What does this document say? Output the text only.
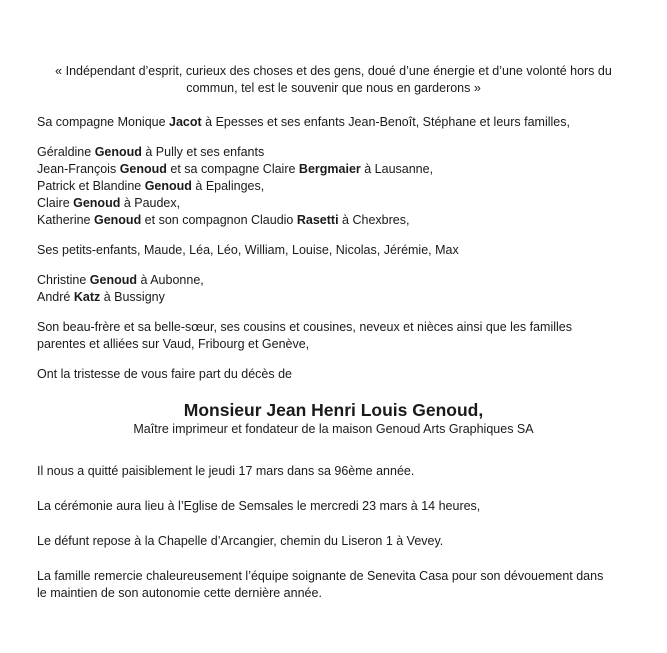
« Indépendant d’esprit, curieux des choses et des gens, doué d’une énergie et d’une volonté hors du
commun, tel est le souvenir que nous en garderons »
Sa compagne Monique Jacot à Epesses et ses enfants Jean-Benoît, Stéphane et leurs familles,
Géraldine Genoud à Pully et ses enfants
Jean-François Genoud et sa compagne Claire Bergmaier à Lausanne,
Patrick et Blandine Genoud à Epalinges,
Claire Genoud à Paudex,
Katherine Genoud et son compagnon Claudio Rasetti à Chexbres,
Ses petits-enfants, Maude, Léa, Léo, William, Louise, Nicolas, Jérémie, Max
Christine Genoud à Aubonne,
André Katz à Bussigny
Son beau-frère et sa belle-sœur, ses cousins et cousines, neveux et nièces ainsi que les familles
parentes et alliées sur Vaud, Fribourg et Genève,
Ont la tristesse de vous faire part du décès de
Monsieur Jean Henri Louis Genoud,
Maître imprimeur et fondateur de la maison Genoud Arts Graphiques SA
Il nous a quitté paisiblement le jeudi 17 mars dans sa 96ème année.
La cérémonie aura lieu à l’Eglise de Semsales le mercredi 23 mars à 14 heures,
Le défunt repose à la Chapelle d’Arcangier, chemin du Liseron 1 à Vevey.
La famille remercie chaleureusement l’équipe soignante de Senevita Casa pour son dévouement dans
le maintien de son autonomie cette dernière année.
